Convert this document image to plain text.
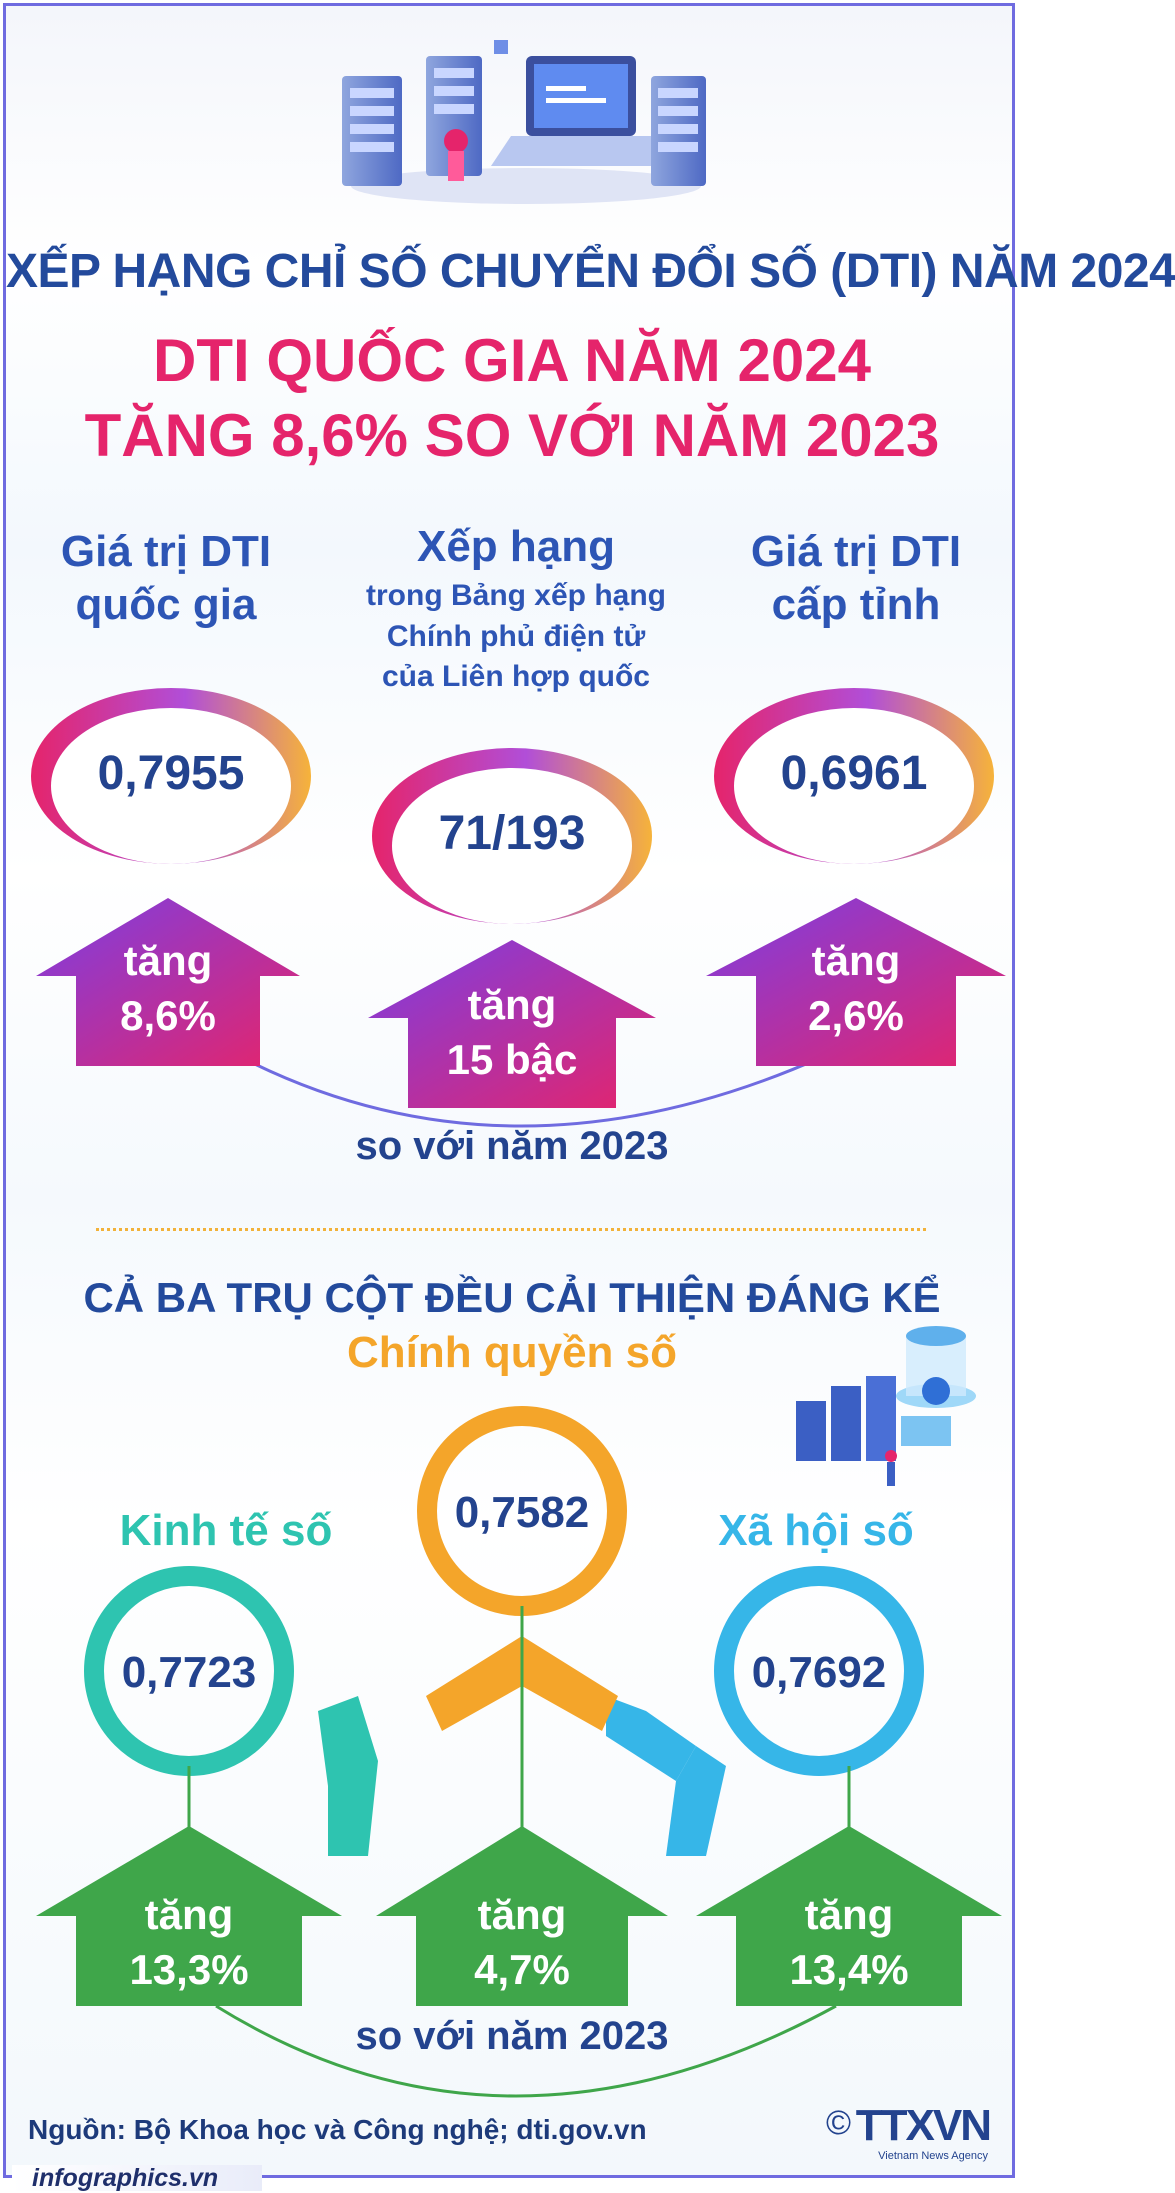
XẾP HẠNG CHỈ SỐ CHUYỂN ĐỔI SỐ (DTI) NĂM 2024
DTI QUỐC GIA NĂM 2024
TĂNG 8,6% SO VỚI NĂM 2023
Giá trị DTI
quốc gia
Xếp hạng
trong Bảng xếp hạng
Chính phủ điện tử
của Liên hợp quốc
Giá trị DTI
cấp tỉnh
0,7955
71/193
0,6961
tăng
8,6%	tăng
15 bậc
tăng
2,6%
so với năm 2023
CẢ BA TRỤ CỘT ĐỀU CẢI THIỆN ĐÁNG KỂ
Chính quyền số
Kinh tế số	Xã hội số
0,7582
0,7723	0,7692
tăng
13,3%
tăng
4,7%
tăng
13,4%
so với năm 2023
Nguồn: Bộ Khoa học và Công nghệ; dti.gov.vn
infographics.vn
© TTXVN
Vietnam News Agency
